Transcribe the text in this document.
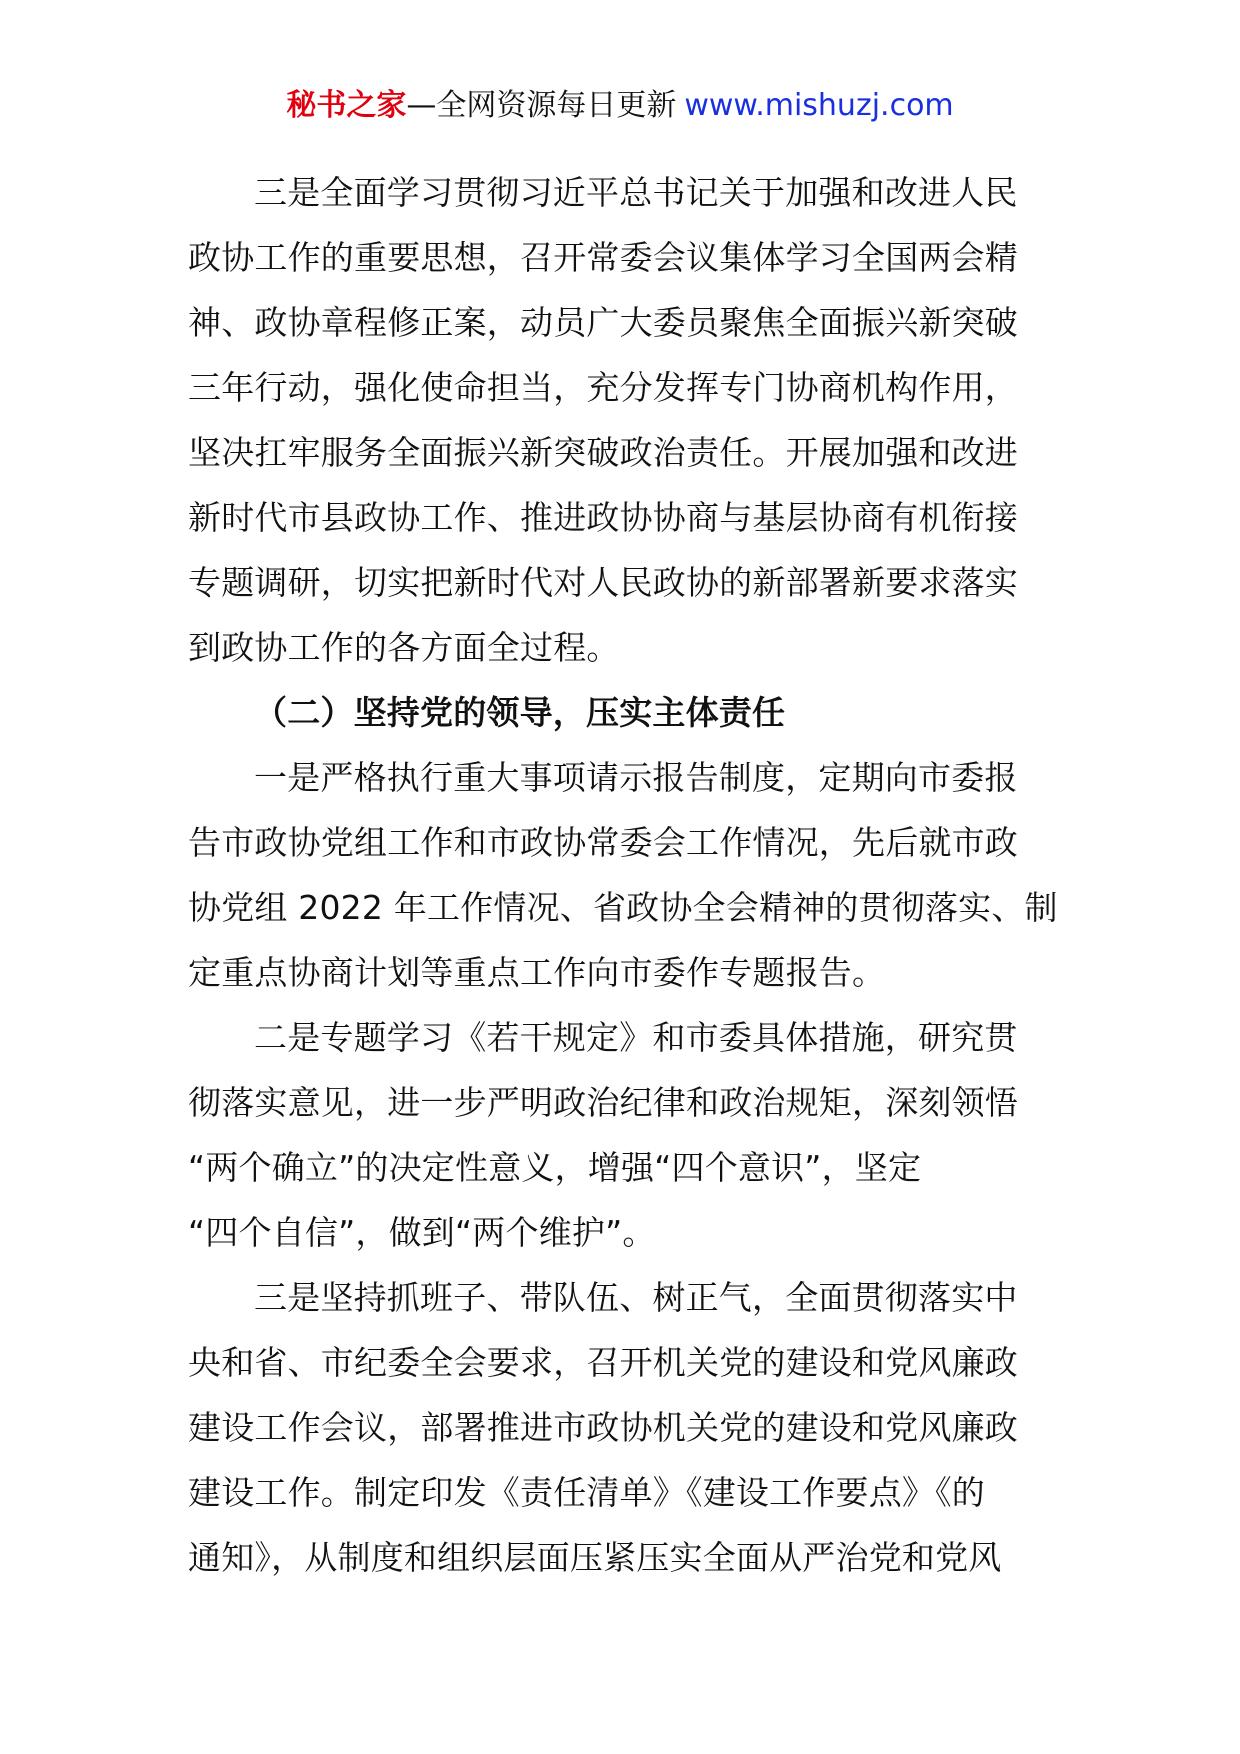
秘书之家—全网资源每日更新 www.mishuzj.com
三是全面学习贯彻习近平总书记关于加强和改进人民
政协工作的重要思想，召开常委会议集体学习全国两会精
神、政协章程修正案，动员广大委员聚焦全面振兴新突破
三年行动，强化使命担当，充分发挥专门协商机构作用，
坚决扛牢服务全面振兴新突破政治责任。开展加强和改进
新时代市县政协工作、推进政协协商与基层协商有机衔接
专题调研，切实把新时代对人民政协的新部署新要求落实
到政协工作的各方面全过程。
（二）坚持党的领导，压实主体责任
一是严格执行重大事项请示报告制度，定期向市委报
告市政协党组工作和市政协常委会工作情况，先后就市政
协党组 2022 年工作情况、省政协全会精神的贯彻落实、制
定重点协商计划等重点工作向市委作专题报告。
二是专题学习《若干规定》和市委具体措施，研究贯
彻落实意见，进一步严明政治纪律和政治规矩，深刻领悟
“两个确立”的决定性意义，增强“四个意识”，坚定
“四个自信”，做到“两个维护”。
三是坚持抓班子、带队伍、树正气，全面贯彻落实中
央和省、市纪委全会要求，召开机关党的建设和党风廉政
建设工作会议，部署推进市政协机关党的建设和党风廉政
建设工作。制定印发《责任清单》《建设工作要点》《的
通知》，从制度和组织层面压紧压实全面从严治党和党风
